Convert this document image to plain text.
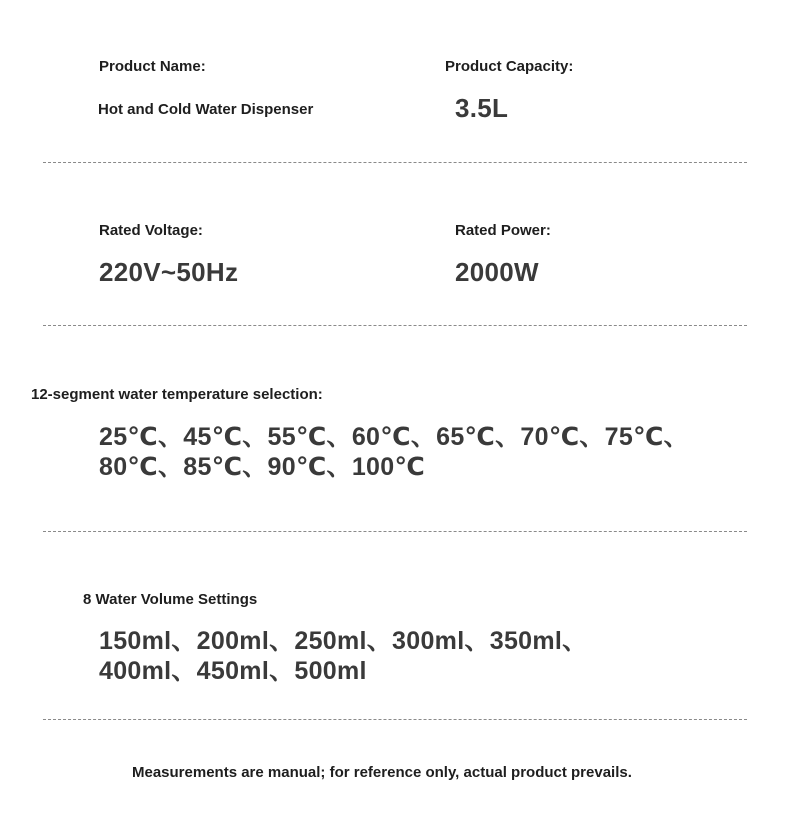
Product Name:
Hot and Cold Water Dispenser
Product Capacity:
3.5L
Rated Voltage:
220V~50Hz
Rated Power:
2000W
12-segment water temperature selection:
25℃、45℃、55℃、60℃、65℃、70℃、75℃、
80℃、85℃、90℃、100℃
8 Water Volume Settings
150ml、200ml、250ml、300ml、350ml、
400ml、450ml、500ml
Measurements are manual; for reference only, actual product prevails.
